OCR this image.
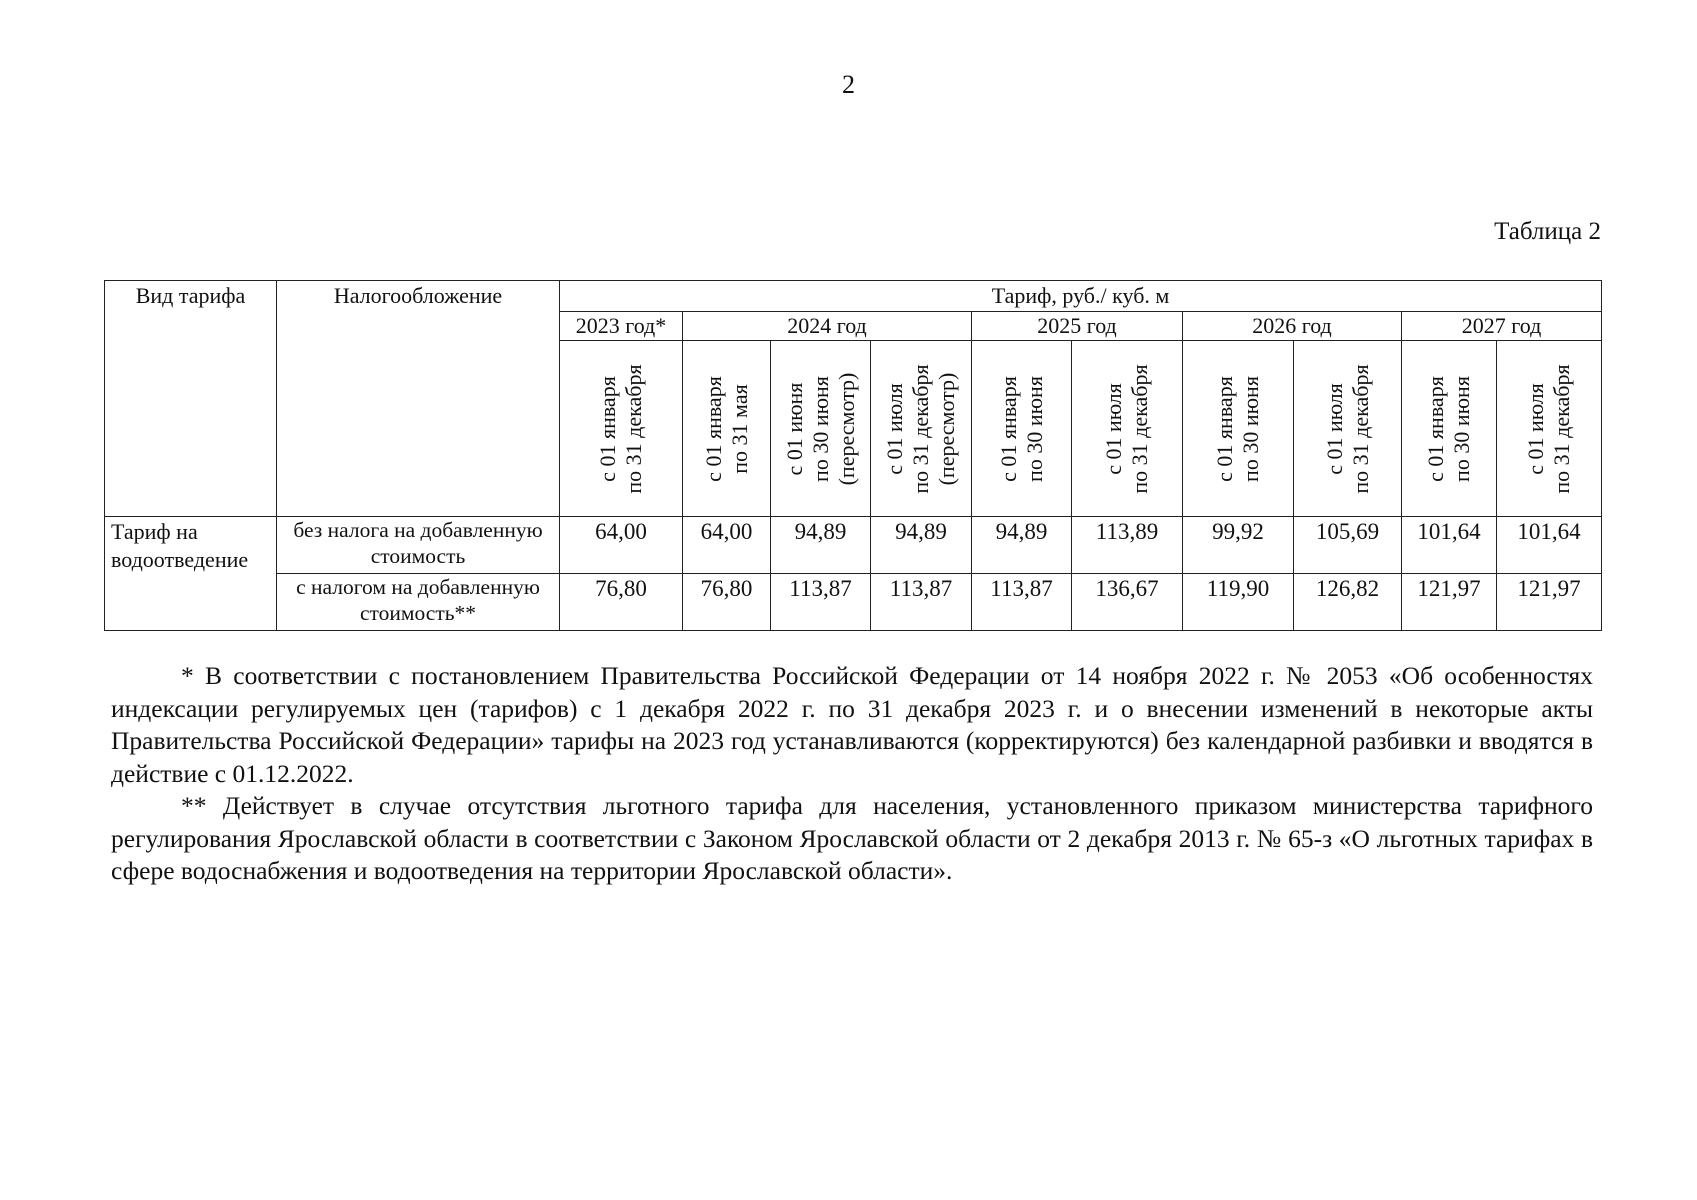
2
Таблица 2
Вид тарифа	Налогообложение	Тариф, руб./ куб. м									
		2023 год*	2024 год			2025 год		2026 год		2027 год	

		с 01 января по 31 декабря	с 01 января по 31 мая	с 01 июня по 30 июня (пересмотр)	с 01 июля по 31 декабря (пересмотр)	с 01 января по 30 июня	с 01 июля по 31 декабря	с 01 января по 30 июня	с 01 июля по 31 декабря	с 01 января по 30 июня	с 01 июля по 31 декабря

Тариф на водоотведение	без налога на добавленную стоимость	64,00	64,00	94,89	94,89	94,89	113,89	99,92	105,69	101,64	101,64
	с налогом на добавленную стоимость**	76,80	76,80	113,87	113,87	113,87	136,67	119,90	126,82	121,97	121,97

* В соответствии с постановлением Правительства Российской Федерации от 14 ноября 2022 г. № 2053 «Об особенностях индексации регулируемых цен (тарифов) с 1 декабря 2022 г. по 31 декабря 2023 г. и о внесении изменений в некоторые акты Правительства Российской Федерации» тарифы на 2023 год устанавливаются (корректируются) без календарной разбивки и вводятся в действие с 01.12.2022.

** Действует в случае отсутствия льготного тарифа для населения, установленного приказом министерства тарифного регулирования Ярославской области в соответствии с Законом Ярославской области от 2 декабря 2013 г. № 65-з «О льготных тарифах в сфере водоснабжения и водоотведения на территории Ярославской области».
